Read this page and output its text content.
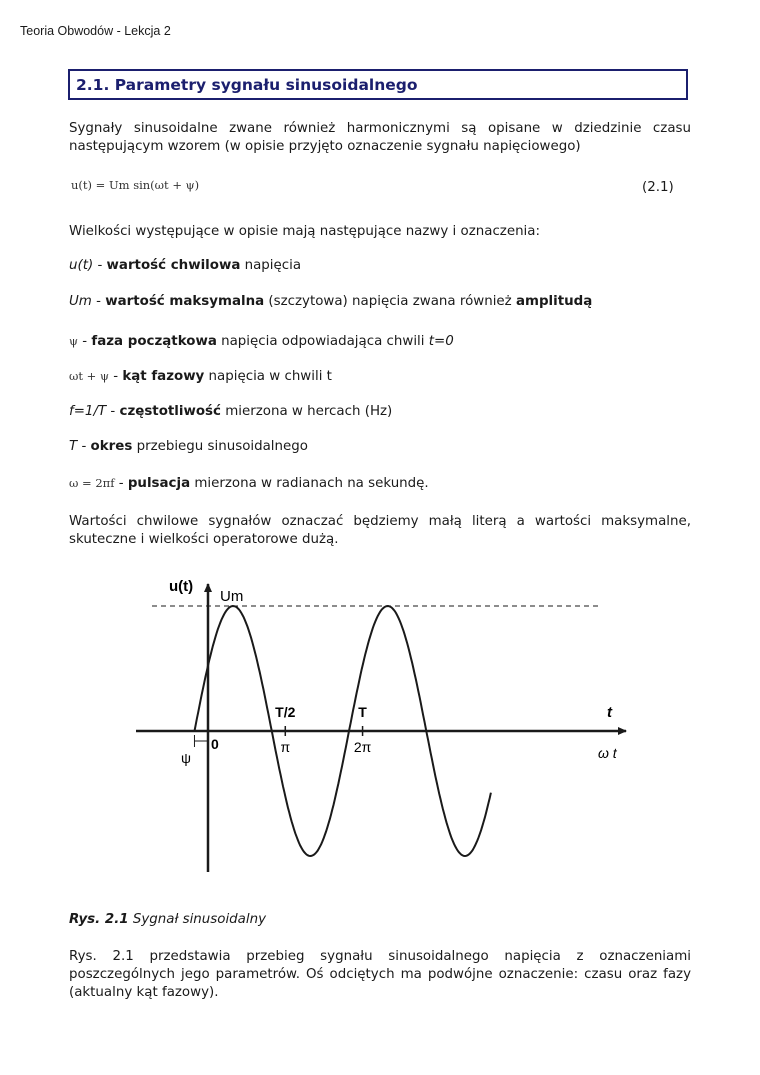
Teoria Obwodów - Lekcja 2
2.1. Parametry sygnału sinusoidalnego
Sygnały sinusoidalne zwane również harmonicznymi są opisane w dziedzinie czasu następującym wzorem (w opisie przyjęto oznaczenie sygnału napięciowego)
u(t) = Um sin(ωt + ψ)	(2.1)
Wielkości występujące w opisie mają następujące nazwy i oznaczenia:
u(t) - wartość chwilowa napięcia
Um - wartość maksymalna (szczytowa) napięcia zwana również amplitudą
ψ - faza początkowa napięcia odpowiadająca chwili t=0
ωt + ψ - kąt fazowy napięcia w chwili t
f=1/T - częstotliwość mierzona w hercach (Hz)
T - okres przebiegu sinusoidalnego
ω = 2πf - pulsacja mierzona w radianach na sekundę.
Wartości chwilowe sygnałów oznaczać będziemy małą literą a wartości maksymalne, skuteczne i wielkości operatorowe dużą.
u(t)
Um
0
t
ω t
T/2	T
π	2π
ψ
Rys. 2.1 Sygnał sinusoidalny
Rys. 2.1 przedstawia przebieg sygnału sinusoidalnego napięcia z oznaczeniami poszczególnych jego parametrów. Oś odciętych ma podwójne oznaczenie: czasu oraz fazy (aktualny kąt fazowy).
